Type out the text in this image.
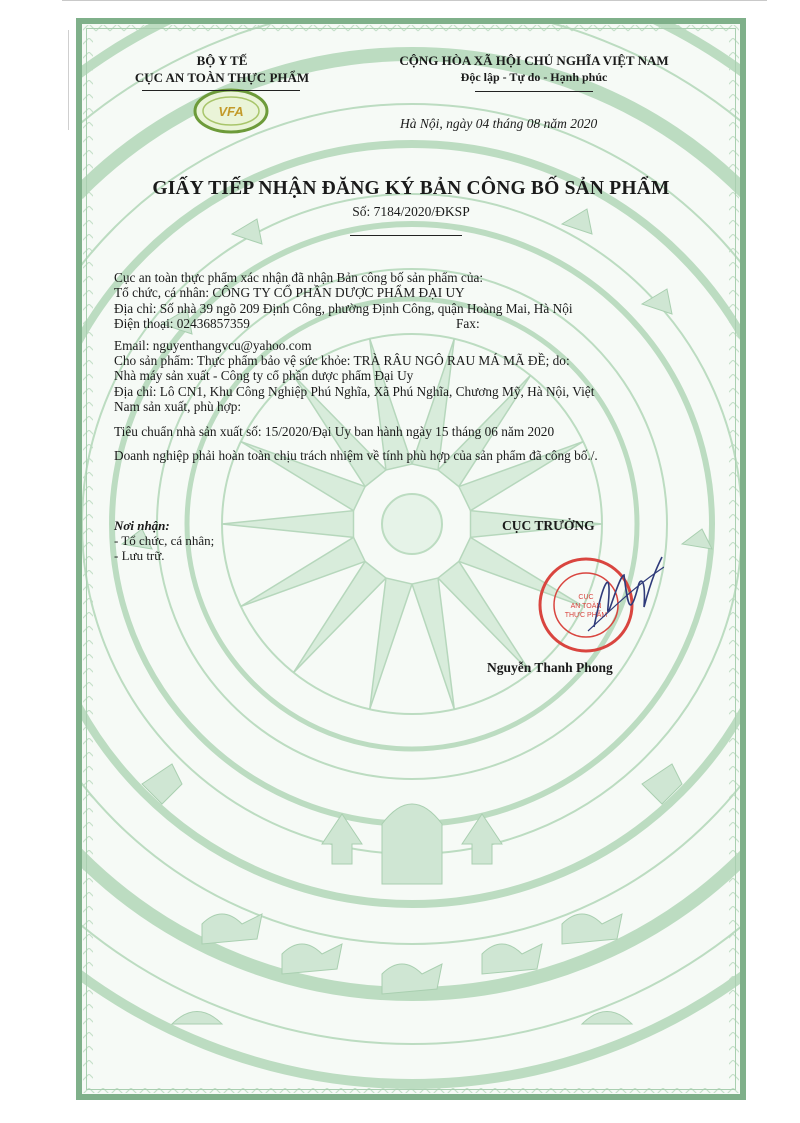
VFA
BỘ Y TẾ
CỤC AN TOÀN THỰC PHẨM
CỘNG HÒA XÃ HỘI CHỦ NGHĨA VIỆT NAM
Độc lập - Tự do - Hạnh phúc
Hà Nội, ngày 04 tháng 08 năm 2020
GIẤY TIẾP NHẬN ĐĂNG KÝ BẢN CÔNG BỐ SẢN PHẨM
Số: 7184/2020/ĐKSP
Cục an toàn thực phẩm xác nhận đã nhận Bản công bố sản phẩm của:
Tổ chức, cá nhân: CÔNG TY CỔ PHẦN DƯỢC PHẨM ĐẠI UY
Địa chỉ: Số nhà 39 ngõ 209 Định Công, phường Định Công, quận Hoàng Mai, Hà Nội
Điện thoại: 02436857359	Fax:
Email: nguyenthangvcu@yahoo.com
Cho sản phẩm: Thực phẩm bảo vệ sức khỏe: TRÀ RÂU NGÔ RAU MÁ MÃ ĐỀ; do:
Nhà máy sản xuất - Công ty cổ phần dược phẩm Đại Uy
Địa chỉ: Lô CN1, Khu Công Nghiệp Phú Nghĩa, Xã Phú Nghĩa, Chương Mỹ, Hà Nội, Việt
Nam sản xuất, phù hợp:
Tiêu chuẩn nhà sản xuất số: 15/2020/Đại Uy ban hành ngày 15 tháng 06 năm 2020
Doanh nghiệp phải hoàn toàn chịu trách nhiệm về tính phù hợp của sản phẩm đã công bố./.
Nơi nhận:
- Tổ chức, cá nhân;
- Lưu trữ.
CỤC TRƯỞNG
CỤC
AN TOÀN
THỰC PHẨM
Nguyễn Thanh Phong
